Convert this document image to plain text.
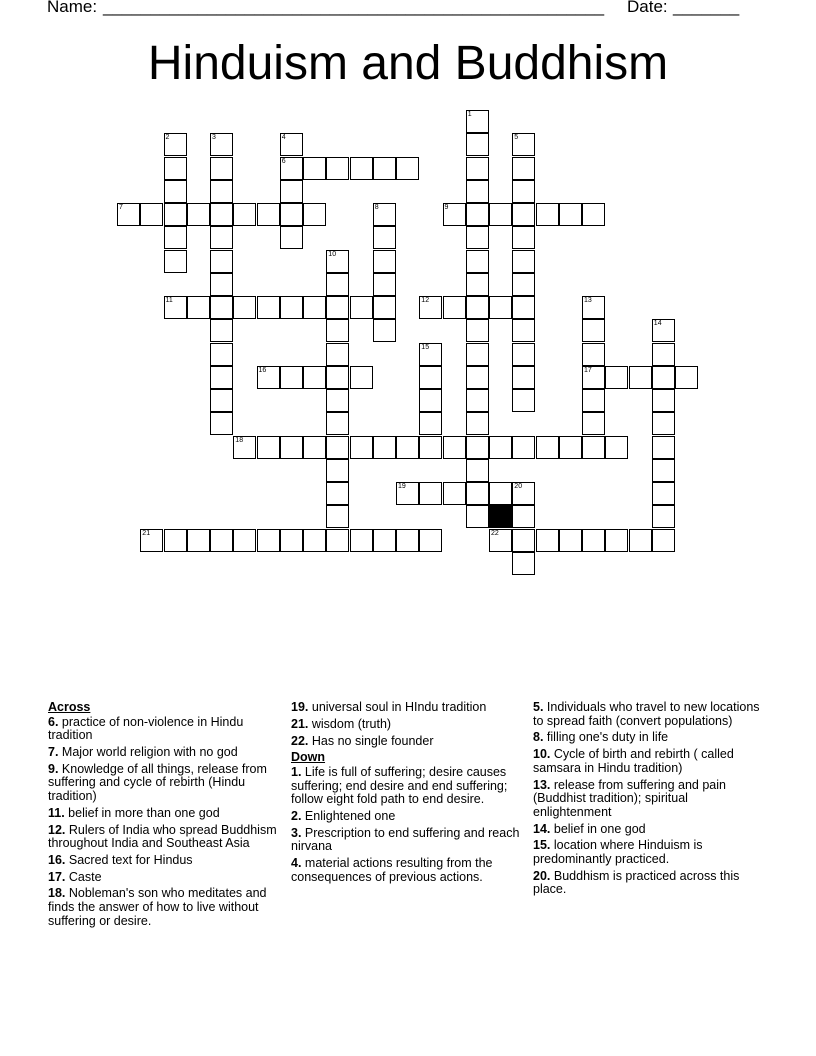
Name: _____________________________________________________ Date: _______
Hinduism and Buddhism
1
2	3	4
6
5
7	8	9
10
11	12	13
17
14
15
16
18
19	20
21	22
Across
6. practice of non-violence in Hindu tradition
7. Major world religion with no god
9. Knowledge of all things, release from suffering and cycle of rebirth (Hindu tradition)
11. belief in more than one god
12. Rulers of India who spread Buddhism throughout India and Southeast Asia
16. Sacred text for Hindus
17. Caste
18. Nobleman's son who meditates and finds the answer of how to live without suffering or desire.
19. universal soul in HIndu tradition
21. wisdom (truth)
22. Has no single founder
Down
1. Life is full of suffering; desire causes suffering; end desire and end suffering; follow eight fold path to end desire.
2. Enlightened one
3. Prescription to end suffering and reach nirvana
4. material actions resulting from the consequences of previous actions.
5. Individuals who travel to new locations to spread faith (convert populations)
8. filling one's duty in life
10. Cycle of birth and rebirth ( called samsara in Hindu tradition)
13. release from suffering and pain (Buddhist tradition); spiritual enlightenment
14. belief in one god
15. location where Hinduism is predominantly practiced.
20. Buddhism is practiced across this place.
